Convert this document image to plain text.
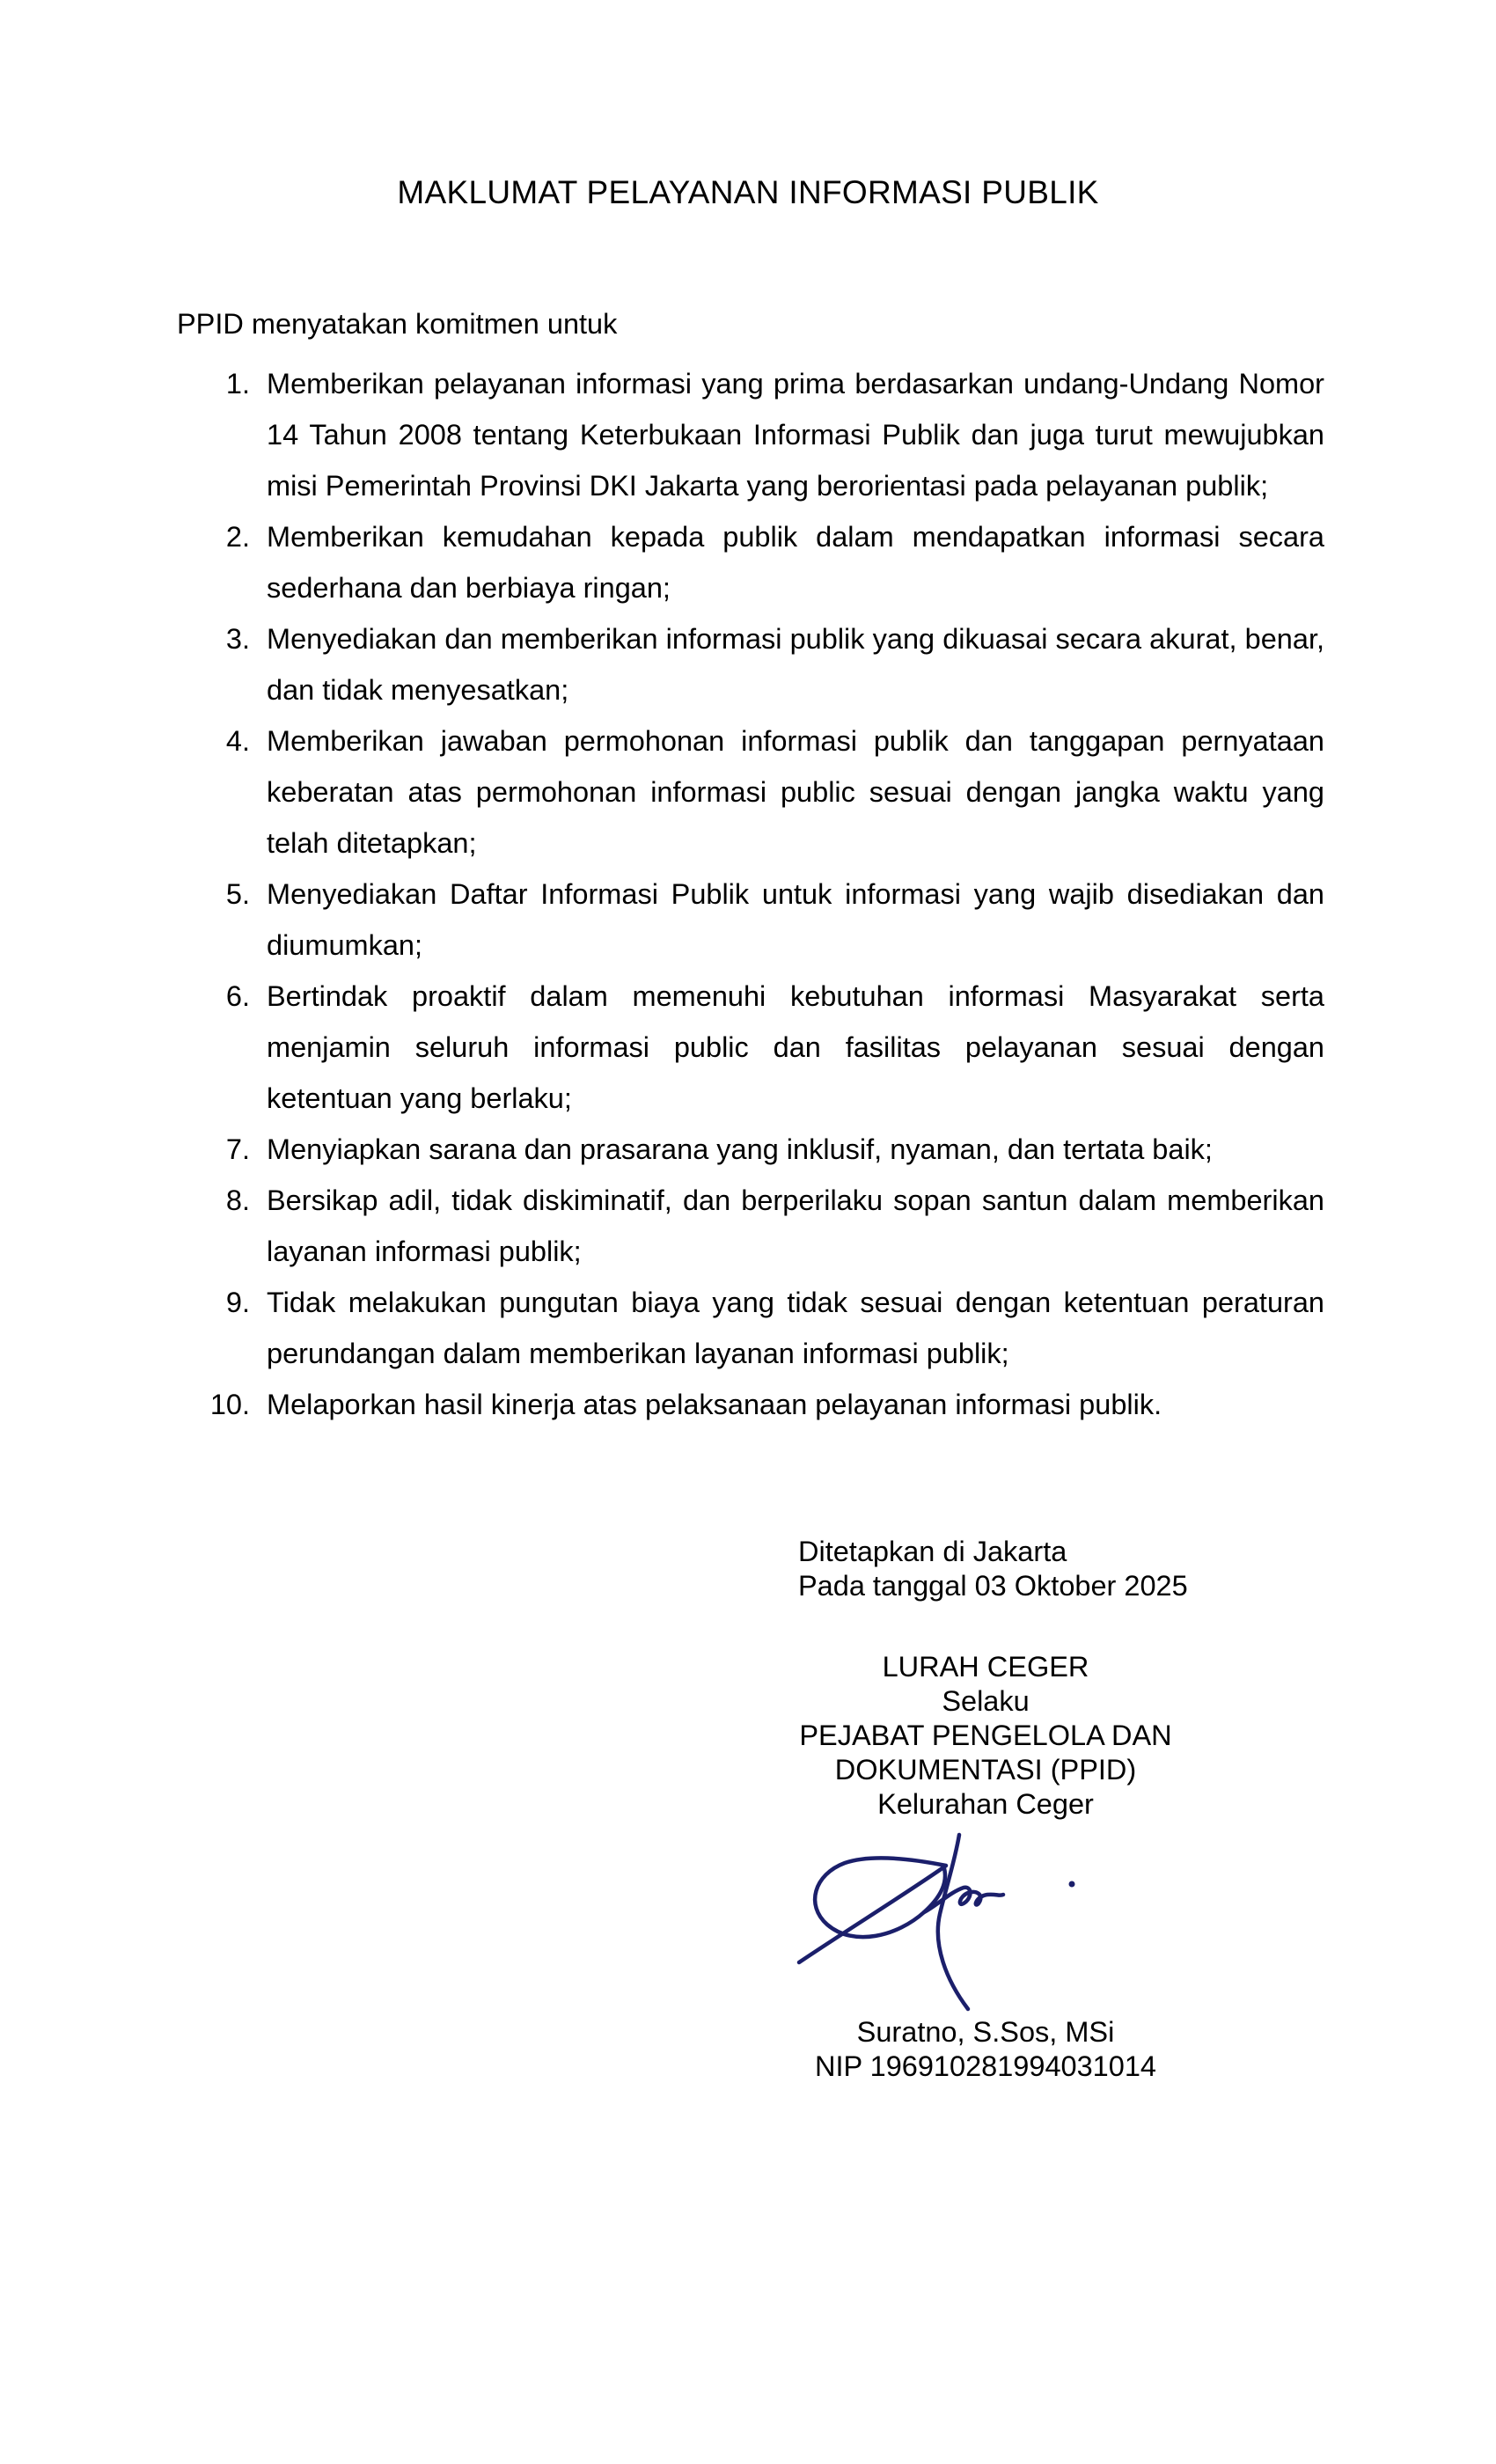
MAKLUMAT PELAYANAN INFORMASI PUBLIK
PPID menyatakan komitmen untuk
1. Memberikan pelayanan informasi yang prima berdasarkan undang-Undang Nomor 14 Tahun 2008 tentang Keterbukaan Informasi Publik dan juga turut mewujubkan misi Pemerintah Provinsi DKI Jakarta yang berorientasi pada pelayanan publik;
2. Memberikan kemudahan kepada publik dalam mendapatkan informasi secara sederhana dan berbiaya ringan;
3. Menyediakan dan memberikan informasi publik yang dikuasai secara akurat, benar, dan tidak menyesatkan;
4. Memberikan jawaban permohonan informasi publik dan tanggapan pernyataan keberatan atas permohonan informasi public sesuai dengan jangka waktu yang telah ditetapkan;
5. Menyediakan Daftar Informasi Publik untuk informasi yang wajib disediakan dan diumumkan;
6. Bertindak proaktif dalam memenuhi kebutuhan informasi Masyarakat serta menjamin seluruh informasi public dan fasilitas pelayanan sesuai dengan ketentuan yang berlaku;
7. Menyiapkan sarana dan prasarana yang inklusif, nyaman, dan tertata baik;
8. Bersikap adil, tidak diskiminatif, dan berperilaku sopan santun dalam memberikan layanan informasi publik;
9. Tidak melakukan pungutan biaya yang tidak sesuai dengan ketentuan peraturan perundangan dalam memberikan layanan informasi publik;
10. Melaporkan hasil kinerja atas pelaksanaan pelayanan informasi publik.
Ditetapkan di Jakarta
Pada tanggal 03 Oktober 2025
LURAH CEGER
Selaku
PEJABAT PENGELOLA DAN
DOKUMENTASI (PPID)
Kelurahan Ceger
Suratno, S.Sos, MSi
NIP 196910281994031014
